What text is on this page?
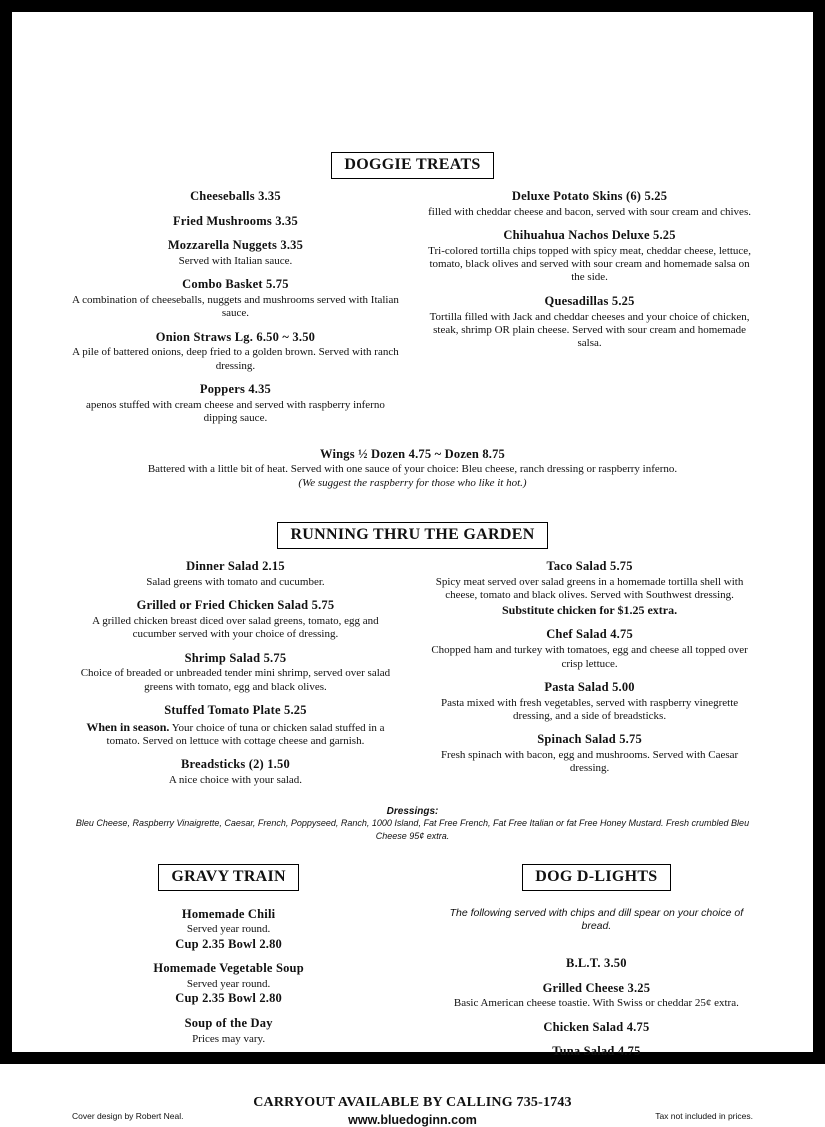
DOGGIE TREATS
Cheeseballs 3.35
Fried Mushrooms 3.35
Mozzarella Nuggets 3.35
Served with Italian sauce.
Combo Basket 5.75
A combination of cheeseballs, nuggets and mushrooms served with Italian sauce.
Onion Straws Lg. 6.50 ~ 3.50
A pile of battered onions, deep fried to a golden brown. Served with ranch dressing.
Poppers 4.35
apenos stuffed with cream cheese and served with raspberry inferno dipping sauce.
Deluxe Potato Skins (6) 5.25
filled with cheddar cheese and bacon, served with sour cream and chives.
Chihuahua Nachos Deluxe 5.25
Tri-colored tortilla chips topped with spicy meat, cheddar cheese, lettuce, tomato, black olives and served with sour cream and homemade salsa on the side.
Quesadillas 5.25
Tortilla filled with Jack and cheddar cheeses and your choice of chicken, steak, shrimp OR plain cheese. Served with sour cream and homemade salsa.
Wings ½ Dozen 4.75 ~ Dozen 8.75
Battered with a little bit of heat. Served with one sauce of your choice: Bleu cheese, ranch dressing or raspberry inferno.
(We suggest the raspberry for those who like it hot.)
RUNNING THRU THE GARDEN
Dinner Salad 2.15
Salad greens with tomato and cucumber.
Grilled or Fried Chicken Salad 5.75
A grilled chicken breast diced over salad greens, tomato, egg and cucumber served with your choice of dressing.
Shrimp Salad 5.75
Choice of breaded or unbreaded tender mini shrimp, served over salad greens with tomato, egg and black olives.
Stuffed Tomato Plate 5.25
When in season. Your choice of tuna or chicken salad stuffed in a tomato. Served on lettuce with cottage cheese and garnish.
Breadsticks (2) 1.50
A nice choice with your salad.
Taco Salad 5.75
Spicy meat served over salad greens in a homemade tortilla shell with cheese, tomato and black olives. Served with Southwest dressing.
Substitute chicken for $1.25 extra.
Chef Salad 4.75
Chopped ham and turkey with tomatoes, egg and cheese all topped over crisp lettuce.
Pasta Salad 5.00
Pasta mixed with fresh vegetables, served with raspberry vinegrette dressing, and a side of breadsticks.
Spinach Salad 5.75
Fresh spinach with bacon, egg and mushrooms. Served with Caesar dressing.
Dressings:
Bleu Cheese, Raspberry Vinaigrette, Caesar, French, Poppyseed, Ranch, 1000 Island, Fat Free French, Fat Free Italian or fat Free Honey Mustard. Fresh crumbled Bleu Cheese 95¢ extra.
GRAVY TRAIN
Homemade Chili
Served year round.
Cup 2.35 Bowl 2.80
Homemade Vegetable Soup
Served year round.
Cup 2.35 Bowl 2.80
Soup of the Day
Prices may vary.
DOG D-LIGHTS
The following served with chips and dill spear on your choice of bread.
B.L.T. 3.50
Grilled Cheese 3.25
Basic American cheese toastie. With Swiss or cheddar 25¢ extra.
Chicken Salad 4.75
Tuna Salad 4.75
CARRYOUT AVAILABLE BY CALLING 735-1743
www.bluedoginn.com
Cover design by Robert Neal.	Tax not included in prices.
